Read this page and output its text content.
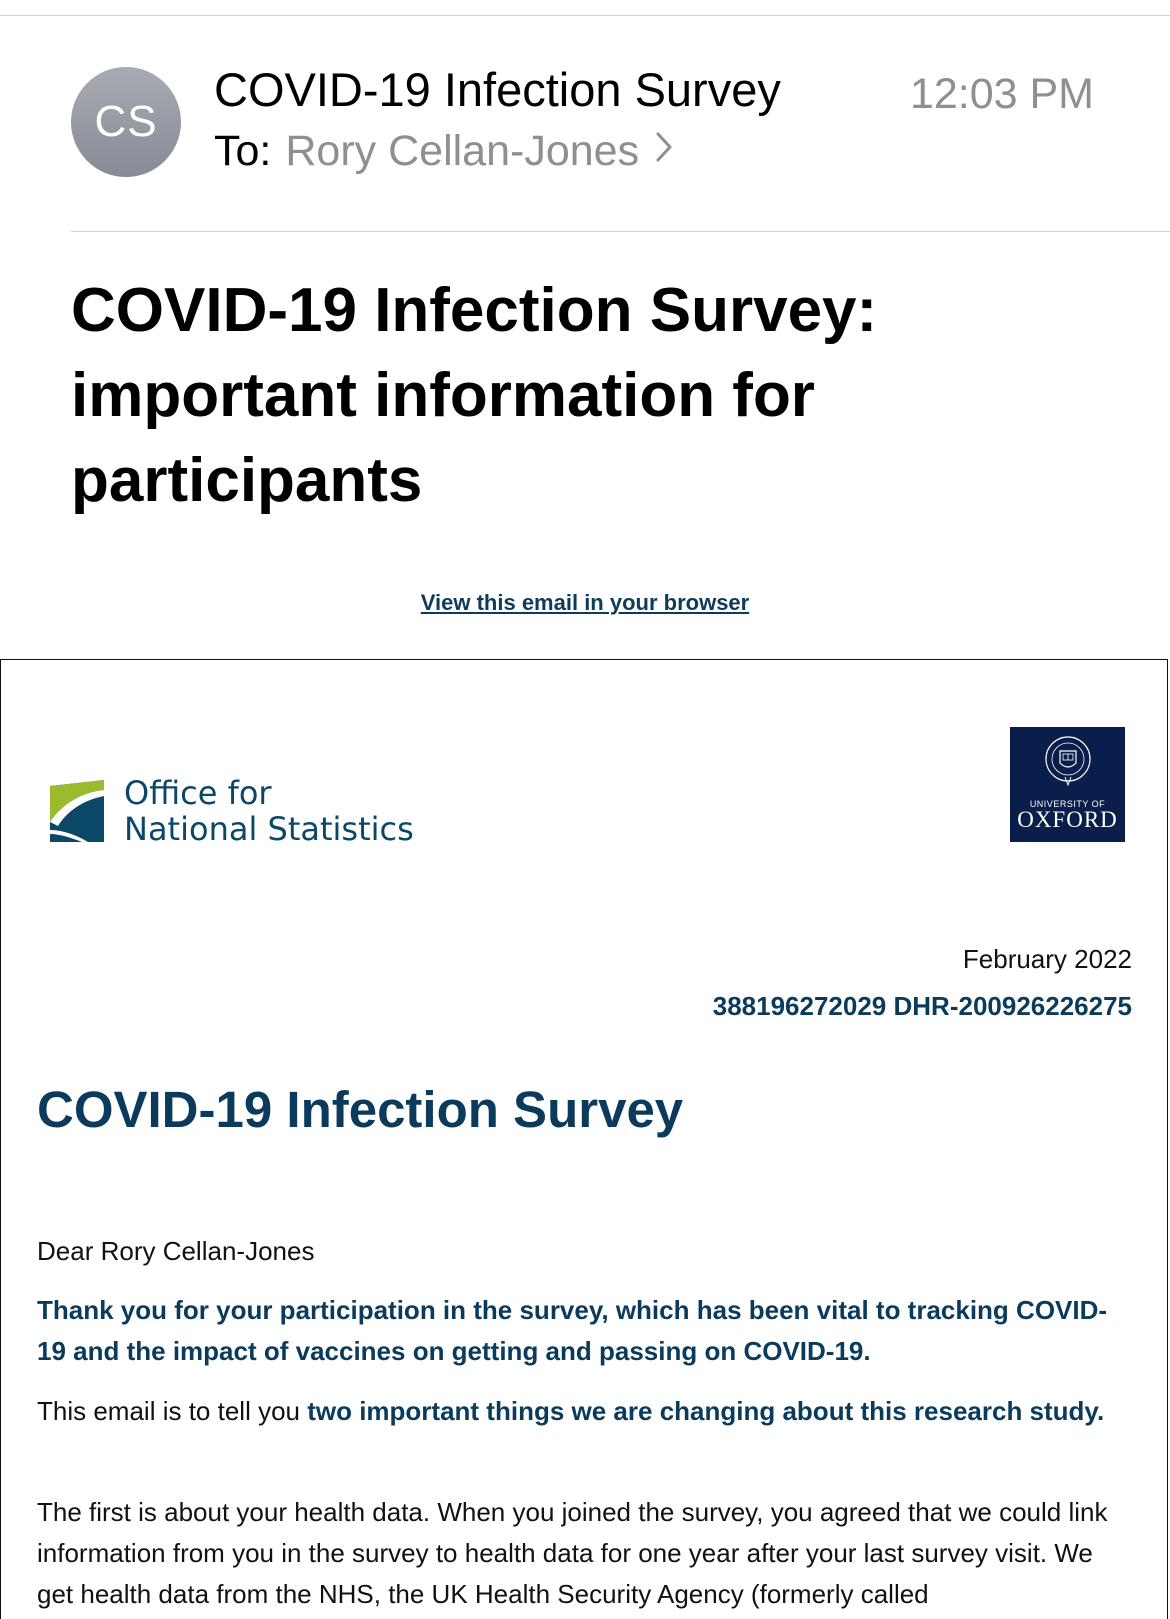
CS
COVID-19 Infection Survey	12:03 PM
To: Rory Cellan-Jones
COVID-19 Infection Survey: important information for participants
View this email in your browser
Office for
National Statistics
UNIVERSITY OF
OXFORD
February 2022
388196272029 DHR-200926226275
COVID-19 Infection Survey

Dear Rory Cellan-Jones

Thank you for your participation in the survey, which has been vital to tracking COVID-19 and the impact of vaccines on getting and passing on COVID-19.

This email is to tell you two important things we are changing about this research study.

The first is about your health data. When you joined the survey, you agreed that we could link information from you in the survey to health data for one year after your last survey visit. We get health data from the NHS, the UK Health Security Agency (formerly called
